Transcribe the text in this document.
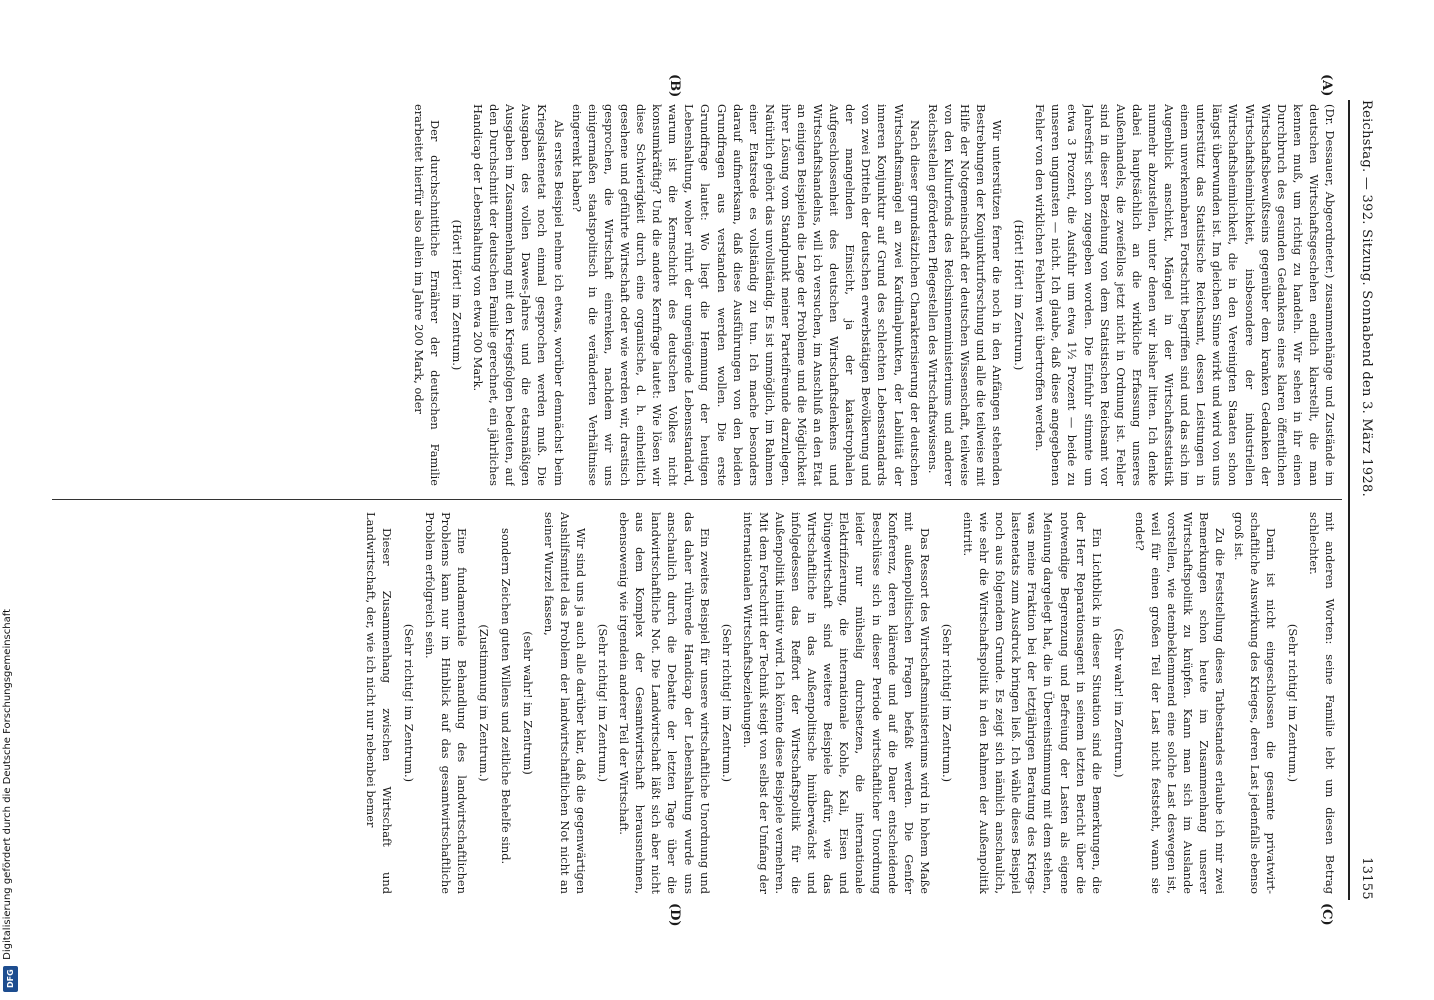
Reichstag. — 392. Sitzung. Sonnabend den 3. März 1928.
13155
(A)
(B)
(C)
(D)

(Dr. Dessauer, Abgeordneter.) zusammenhänge und Zustände im deutschen Wirtschaftsgeschehen endlich klarstellt, die man kennen muß, um richtig zu handeln. Wir sehen in ihr einen Durchbruch des gesunden Gedankens eines klaren öffentlichen Wirtschaftsbewußtseins gegenüber dem kranken Gedanken der Wirtschaftsheimlichkeit, insbesondere der industriellen Wirtschaftsheimlichkeit, die in den Vereinigten Staaten schon längst überwunden ist. Im gleichen Sinne wirkt und wird von uns unterstützt das Statistische Reichsamt, dessen Leistungen in einem unverkennbaren Fortschritt begriffen sind und das sich im Augenblick anschickt, Mängel in der Wirtschaftsstatistik nunmehr abzustellen, unter denen wir bisher litten. Ich denke dabei hauptsächlich an die wirkliche Erfassung unseres Außenhandels, die zweifellos jetzt nicht in Ordnung ist. Fehler sind in dieser Beziehung von dem Statistischen Reichsamt vor Jahresfrist schon zugegeben worden. Die Einfuhr stimmte um etwa 3 Prozent, die Ausfuhr um etwa 1½ Prozent — beide zu unseren ungunsten — nicht. Ich glaube, daß diese angegebenen Fehler von den wirklichen Fehlern weit übertroffen werden.

(Hört! Hört! im Zentrum.)

Wir unterstützen ferner die noch in den Anfängen stehenden Bestrebungen der Konjunkturforschung und alle die teilweise mit Hilfe der Notgemeinschaft der deutschen Wissenschaft, teilweise von den Kulturfonds des Reichsinnenministeriums und anderer Reichsstellen geförderten Pflegestellen des Wirtschaftswissens.

Nach dieser grundsätzlichen Charakterisierung der deutschen Wirtschaftsmängel an zwei Kardinalpunkten, der Labilität der inneren Konjunktur auf Grund des schlechten Lebensstandards von zwei Dritteln der deutschen erwerbstätigen Bevölkerung und der mangelnden Einsicht, ja der katastrophalen Aufgeschlossenheit des deutschen Wirtschaftsdenkens und Wirtschaftshandelns, will ich versuchen, im Anschluß an den Etat an einigen Beispielen die Lage der Probleme und die Möglichkeit ihrer Lösung vom Standpunkt meiner Parteifreunde darzulegen. Natürlich gehört das unvollständig. Es ist unmöglich, im Rahmen einer Etatsrede es vollständig zu tun. Ich mache besonders darauf aufmerksam, daß diese Ausführungen von den beiden Grundfragen aus verstanden werden wollen. Die erste Grundfrage lautet: Wo liegt die Hemmung der heutigen Lebenshaltung, woher rührt der ungenügende Lebensstandard, warum ist die Kernschicht des deutschen Volkes nicht konsumkräftig? Und die andere Kernfrage lautet: Wie lösen wir diese Schwierigkeit durch eine organische, d. h. einheitlich gesehene und geführte Wirtschaft oder wie werden wir, drastisch gesprochen, die Wirtschaft einrenken, nachdem wir uns einigermaßen staatspolitisch in die veränderten Verhältnisse eingerenkt haben?

Als erstes Beispiel nehme ich etwas, worüber demnächst beim Kriegslastenetat noch einmal gesprochen werden muß. Die Ausgaben des vollen Dawes-Jahres und die etatsmäßigen Ausgaben im Zusammenhang mit den Kriegsfolgen bedeuten, auf den Durchschnitt der deutschen Familie gerechnet, ein jährliches Handicap der Lebenshaltung von etwa 200 Mark.

(Hört! Hört! im Zentrum.)

Der durchschnittliche Ernährer der deutschen Familie erarbeitet hierfür also allein im Jahre 200 Mark, oder

mit anderen Worten: seine Familie lebt um diesen Betrag schlechter.

(Sehr richtig! im Zentrum.)

Darin ist nicht eingeschlossen die gesamte privatwirtschaftliche Auswirkung des Krieges, deren Last jedenfalls ebenso groß ist.

Zu die Feststellung dieses Tatbestandes erlaube ich mir zwei Bemerkungen schon heute im Zusammenhang unserer Wirtschaftspolitik zu knüpfen. Kann man sich im Auslande vorstellen, wie atembeklemmend eine solche Last deswegen ist, weil für einen großen Teil der Last nicht feststeht, wann sie endet?

(Sehr wahr! im Zentrum.)

Ein Lichtblick in dieser Situation sind die Bemerkungen, die der Herr Reparationsagent in seinem letzten Bericht über die notwendige Begrenzung und Befreiung der Lasten als eigene Meinung dargelegt hat, die in Übereinstimmung mit dem stehen, was meine Fraktion bei der letztjährigen Beratung des Kriegslastenetats zum Ausdruck bringen ließ. Ich wähle dieses Beispiel noch aus folgendem Grunde. Es zeigt sich nämlich anschaulich, wie sehr die Wirtschaftspolitik in den Rahmen der Außenpolitik eintritt.

(Sehr richtig! im Zentrum.)

Das Ressort des Wirtschaftsministeriums wird in hohem Maße mit außenpolitischen Fragen befaßt werden. Die Genfer Konferenz, deren klärende und auf die Dauer entscheidende Beschlüsse sich in dieser Periode wirtschaftlicher Unordnung leider nur mühselig durchsetzen, die internationale Elektrifizierung, die internationale Kohle, Kali, Eisen und Düngewirtschaft sind weitere Beispiele dafür, wie das Wirtschaftliche in das Außenpolitische hinüberwächst und infolgedessen das Reffort der Wirtschaftspolitik für die Außenpolitik initiativ wird. Ich könnte diese Beispiele vermehren. Mit dem Fortschritt der Technik steigt von selbst der Umfang der internationalen Wirtschaftsbeziehungen.

(Sehr richtig! im Zentrum.)

Ein zweites Beispiel für unsere wirtschaftliche Unordnung und das daher rührende Handicap der Lebenshaltung wurde uns anschaulich durch die Debatte der letzten Tage über die landwirtschaftliche Not. Die Landwirtschaft läßt sich aber nicht aus dem Komplex der Gesamtwirtschaft herausnehmen, ebensowenig wie irgendein anderer Teil der Wirtschaft.

(Sehr richtig! im Zentrum.)

Wir sind uns ja auch alle darüber klar, daß die gegenwärtigen Aushilfsmittel das Problem der landwirtschaftlichen Not nicht an seiner Wurzel fassen,

(sehr wahr! im Zentrum)

sondern Zeichen guten Willens und zeitliche Behelfe sind.

(Zustimmung im Zentrum.)

Eine fundamentale Behandlung des landwirtschaftlichen Problems kann nur im Hinblick auf das gesamtwirtschaftliche Problem erfolgreich sein.

(Sehr richtig! im Zentrum.)

Dieser Zusammenhang zwischen Wirtschaft und Landwirtschaft, der, wie ich nicht nur nebenbei bemer

Digitalisierung gefördert durch die Deutsche Forschungsgemeinschaft
DFG
